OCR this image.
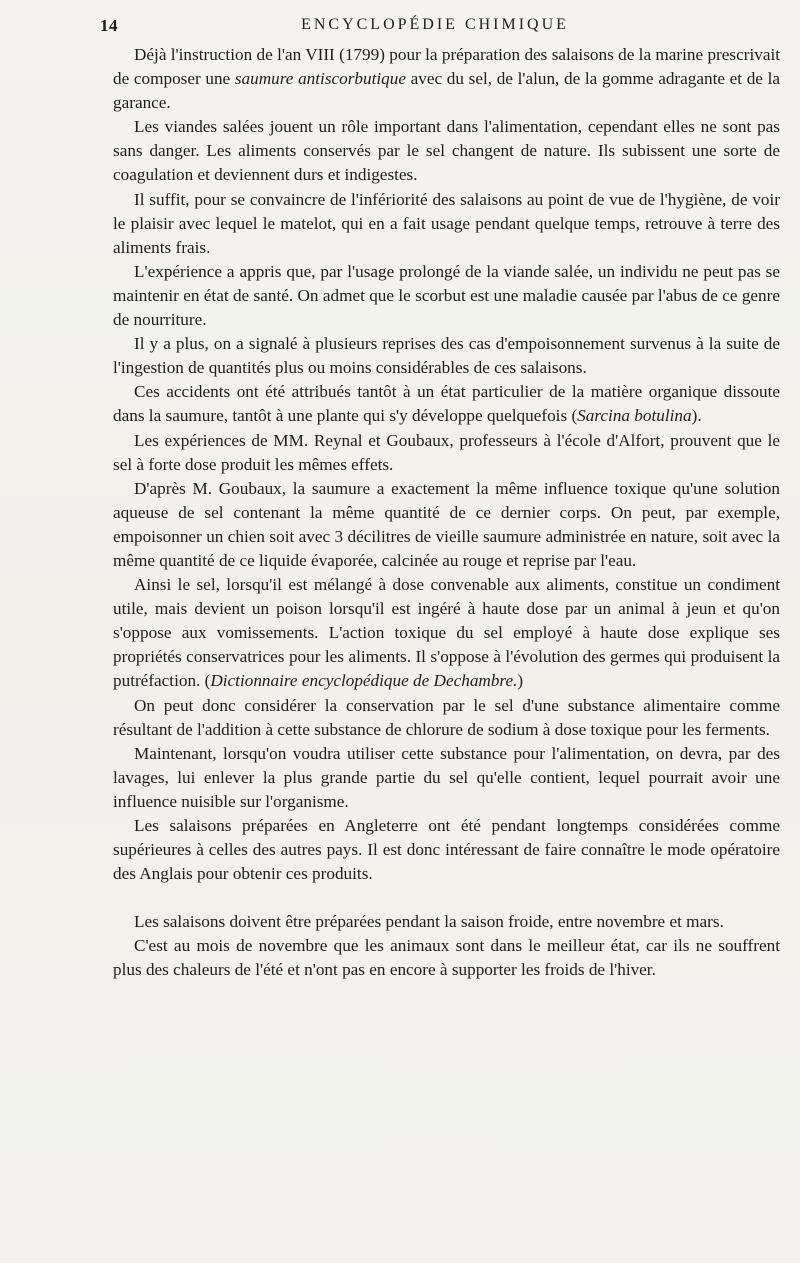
14	ENCYCLOPÉDIE CHIMIQUE

Déjà l'instruction de l'an VIII (1799) pour la préparation des salaisons de la marine prescrivait de composer une saumure antiscorbutique avec du sel, de l'alun, de la gomme adragante et de la garance.

Les viandes salées jouent un rôle important dans l'alimentation, cependant elles ne sont pas sans danger. Les aliments conservés par le sel changent de nature. Ils subissent une sorte de coagulation et deviennent durs et indigestes.

Il suffit, pour se convaincre de l'infériorité des salaisons au point de vue de l'hygiène, de voir le plaisir avec lequel le matelot, qui en a fait usage pendant quelque temps, retrouve à terre des aliments frais.

L'expérience a appris que, par l'usage prolongé de la viande salée, un individu ne peut pas se maintenir en état de santé. On admet que le scorbut est une maladie causée par l'abus de ce genre de nourriture.

Il y a plus, on a signalé à plusieurs reprises des cas d'empoisonnement survenus à la suite de l'ingestion de quantités plus ou moins considérables de ces salaisons.

Ces accidents ont été attribués tantôt à un état particulier de la matière organique dissoute dans la saumure, tantôt à une plante qui s'y développe quelquefois (Sarcina botulina).

Les expériences de MM. Reynal et Goubaux, professeurs à l'école d'Alfort, prouvent que le sel à forte dose produit les mêmes effets.

D'après M. Goubaux, la saumure a exactement la même influence toxique qu'une solution aqueuse de sel contenant la même quantité de ce dernier corps. On peut, par exemple, empoisonner un chien soit avec 3 décilitres de vieille saumure administrée en nature, soit avec la même quantité de ce liquide évaporée, calcinée au rouge et reprise par l'eau.

Ainsi le sel, lorsqu'il est mélangé à dose convenable aux aliments, constitue un condiment utile, mais devient un poison lorsqu'il est ingéré à haute dose par un animal à jeun et qu'on s'oppose aux vomissements. L'action toxique du sel employé à haute dose explique ses propriétés conservatrices pour les aliments. Il s'oppose à l'évolution des germes qui produisent la putréfaction. (Dictionnaire encyclopédique de Dechambre.)

On peut donc considérer la conservation par le sel d'une substance alimentaire comme résultant de l'addition à cette substance de chlorure de sodium à dose toxique pour les ferments.

Maintenant, lorsqu'on voudra utiliser cette substance pour l'alimentation, on devra, par des lavages, lui enlever la plus grande partie du sel qu'elle contient, lequel pourrait avoir une influence nuisible sur l'organisme.

Les salaisons préparées en Angleterre ont été pendant longtemps considérées comme supérieures à celles des autres pays. Il est donc intéressant de faire connaître le mode opératoire des Anglais pour obtenir ces produits.

Les salaisons doivent être préparées pendant la saison froide, entre novembre et mars.

C'est au mois de novembre que les animaux sont dans le meilleur état, car ils ne souffrent plus des chaleurs de l'été et n'ont pas en encore à supporter les froids de l'hiver.
